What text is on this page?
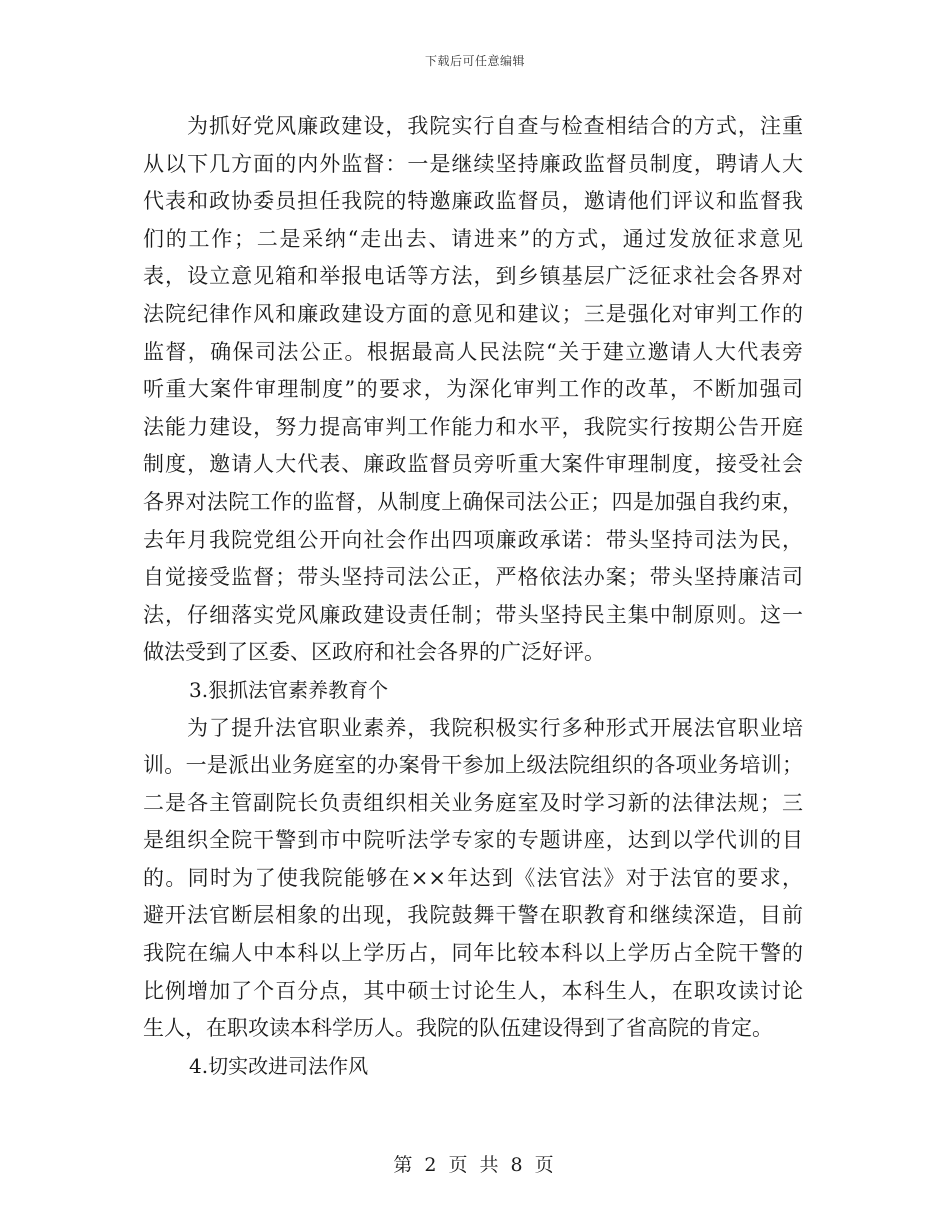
下载后可任意编辑
为抓好党风廉政建设，我院实行自查与检查相结合的方式，注重
从以下几方面的内外监督：一是继续坚持廉政监督员制度，聘请人大
代表和政协委员担任我院的特邀廉政监督员，邀请他们评议和监督我
们的工作；二是采纳“走出去、请进来”的方式，通过发放征求意见
表，设立意见箱和举报电话等方法，到乡镇基层广泛征求社会各界对
法院纪律作风和廉政建设方面的意见和建议；三是强化对审判工作的
监督，确保司法公正。根据最高人民法院“关于建立邀请人大代表旁
听重大案件审理制度”的要求，为深化审判工作的改革，不断加强司
法能力建设，努力提高审判工作能力和水平，我院实行按期公告开庭
制度，邀请人大代表、廉政监督员旁听重大案件审理制度，接受社会
各界对法院工作的监督，从制度上确保司法公正；四是加强自我约束，
去年月我院党组公开向社会作出四项廉政承诺：带头坚持司法为民，
自觉接受监督；带头坚持司法公正，严格依法办案；带头坚持廉洁司
法，仔细落实党风廉政建设责任制；带头坚持民主集中制原则。这一
做法受到了区委、区政府和社会各界的广泛好评。
3.狠抓法官素养教育个
为了提升法官职业素养，我院积极实行多种形式开展法官职业培
训。一是派出业务庭室的办案骨干参加上级法院组织的各项业务培训；
二是各主管副院长负责组织相关业务庭室及时学习新的法律法规；三
是组织全院干警到市中院听法学专家的专题讲座，达到以学代训的目
的。同时为了使我院能够在××年达到《法官法》对于法官的要求，
避开法官断层相象的出现，我院鼓舞干警在职教育和继续深造，目前
我院在编人中本科以上学历占，同年比较本科以上学历占全院干警的
比例增加了个百分点，其中硕士讨论生人，本科生人，在职攻读讨论
生人，在职攻读本科学历人。我院的队伍建设得到了省高院的肯定。
4.切实改进司法作风
第 2 页 共 8 页
